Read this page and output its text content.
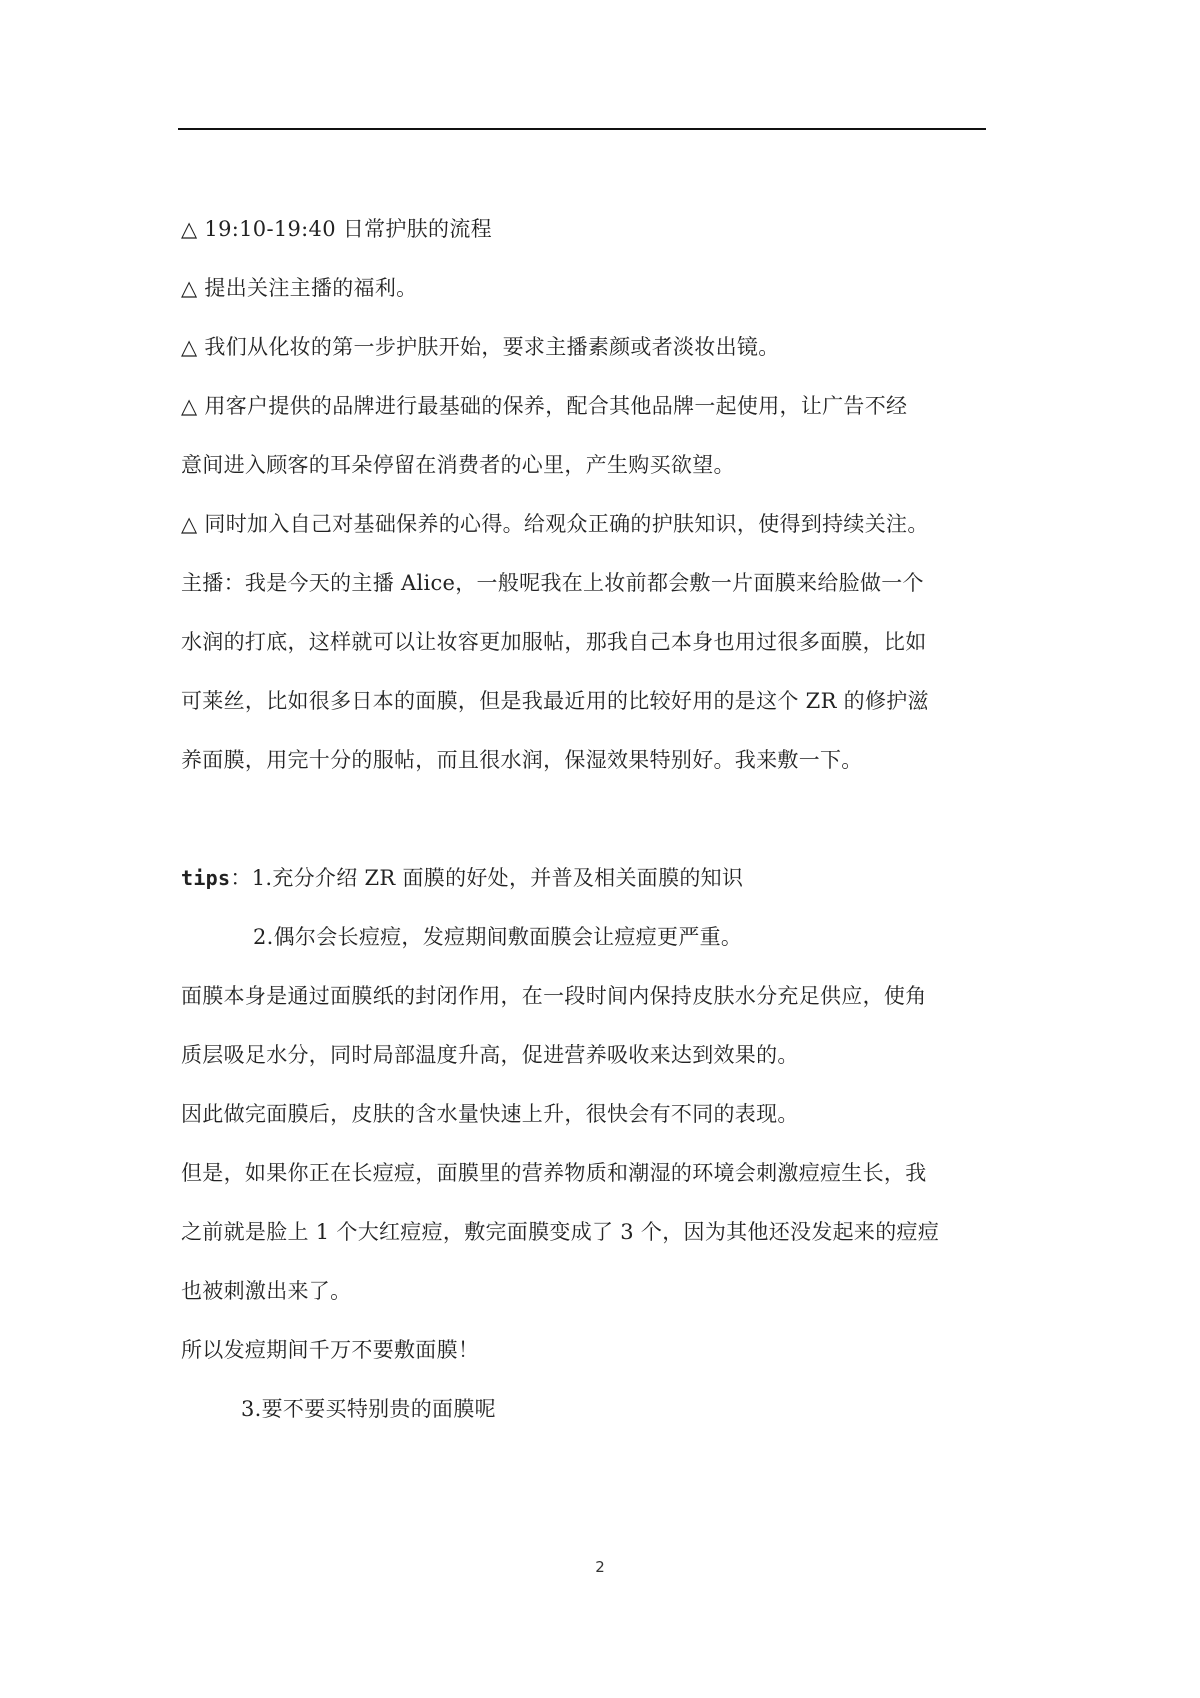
△ 19:10-19:40 日常护肤的流程
△ 提出关注主播的福利。
△ 我们从化妆的第一步护肤开始，要求主播素颜或者淡妆出镜。
△ 用客户提供的品牌进行最基础的保养，配合其他品牌一起使用，让广告不经
意间进入顾客的耳朵停留在消费者的心里，产生购买欲望。
△ 同时加入自己对基础保养的心得。给观众正确的护肤知识，使得到持续关注。
主播：我是今天的主播 Alice，一般呢我在上妆前都会敷一片面膜来给脸做一个
水润的打底，这样就可以让妆容更加服帖，那我自己本身也用过很多面膜，比如
可莱丝，比如很多日本的面膜，但是我最近用的比较好用的是这个 ZR 的修护滋
养面膜，用完十分的服帖，而且很水润，保湿效果特别好。我来敷一下。
tips：1.充分介绍 ZR 面膜的好处，并普及相关面膜的知识
2.偶尔会长痘痘，发痘期间敷面膜会让痘痘更严重。
面膜本身是通过面膜纸的封闭作用，在一段时间内保持皮肤水分充足供应，使角
质层吸足水分，同时局部温度升高，促进营养吸收来达到效果的。
因此做完面膜后，皮肤的含水量快速上升，很快会有不同的表现。
但是，如果你正在长痘痘，面膜里的营养物质和潮湿的环境会刺激痘痘生长，我
之前就是脸上 1 个大红痘痘，敷完面膜变成了 3 个，因为其他还没发起来的痘痘
也被刺激出来了。
所以发痘期间千万不要敷面膜！
3.要不要买特别贵的面膜呢
2
